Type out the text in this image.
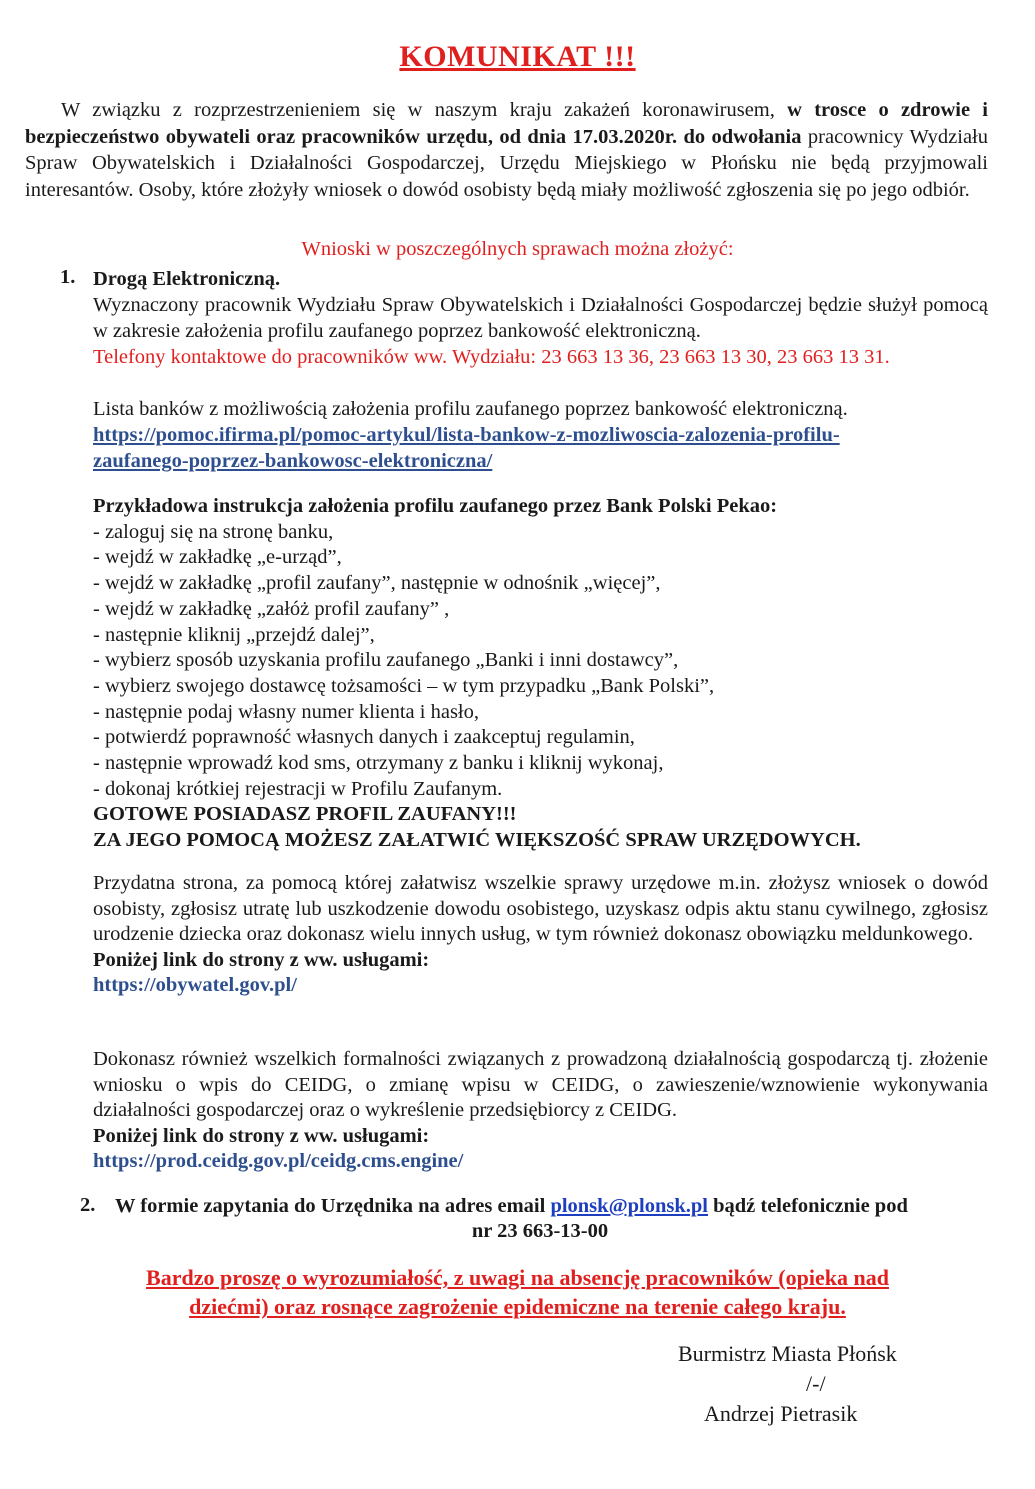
KOMUNIKAT !!!
W związku z rozprzestrzenieniem się w naszym kraju zakażeń koronawirusem, w trosce o zdrowie i bezpieczeństwo obywateli oraz pracowników urzędu, od dnia 17.03.2020r. do odwołania pracownicy Wydziału Spraw Obywatelskich i Działalności Gospodarczej, Urzędu Miejskiego w Płońsku nie będą przyjmowali interesantów. Osoby, które złożyły wniosek o dowód osobisty będą miały możliwość zgłoszenia się po jego odbiór.
Wnioski w poszczególnych sprawach można złożyć:
1. Drogą Elektroniczną.
Wyznaczony pracownik Wydziału Spraw Obywatelskich i Działalności Gospodarczej będzie służył pomocą w zakresie założenia profilu zaufanego poprzez bankowość elektroniczną.
Telefony kontaktowe do pracowników ww. Wydziału: 23 663 13 36, 23 663 13 30, 23 663 13 31.
Lista banków z możliwością założenia profilu zaufanego poprzez bankowość elektroniczną.
https://pomoc.ifirma.pl/pomoc-artykul/lista-bankow-z-mozliwoscia-zalozenia-profilu-
zaufanego-poprzez-bankowosc-elektroniczna/
Przykładowa instrukcja założenia profilu zaufanego przez Bank Polski Pekao:
- zaloguj się na stronę banku,
- wejdź w zakładkę „e-urząd”,
- wejdź w zakładkę „profil zaufany”, następnie w odnośnik „więcej”,
- wejdź w zakładkę „załóż profil zaufany” ,
- następnie kliknij „przejdź dalej”,
- wybierz sposób uzyskania profilu zaufanego „Banki i inni dostawcy”,
- wybierz swojego dostawcę tożsamości – w tym przypadku „Bank Polski”,
- następnie podaj własny numer klienta i hasło,
- potwierdź poprawność własnych danych i zaakceptuj regulamin,
- następnie wprowadź kod sms, otrzymany z banku i kliknij wykonaj,
- dokonaj krótkiej rejestracji w Profilu Zaufanym.
GOTOWE POSIADASZ PROFIL ZAUFANY!!!
ZA JEGO POMOCĄ MOŻESZ ZAŁATWIĆ WIĘKSZOŚĆ SPRAW URZĘDOWYCH.
Przydatna strona, za pomocą której załatwisz wszelkie sprawy urzędowe m.in. złożysz wniosek o dowód osobisty, zgłosisz utratę lub uszkodzenie dowodu osobistego, uzyskasz odpis aktu stanu cywilnego, zgłosisz urodzenie dziecka oraz dokonasz wielu innych usług, w tym również dokonasz obowiązku meldunkowego.
Poniżej link do strony z ww. usługami:
https://obywatel.gov.pl/
Dokonasz również wszelkich formalności związanych z prowadzoną działalnością gospodarczą tj. złożenie wniosku o wpis do CEIDG, o zmianę wpisu w CEIDG, o zawieszenie/wznowienie wykonywania działalności gospodarczej oraz o wykreślenie przedsiębiorcy z CEIDG.
Poniżej link do strony z ww. usługami:
https://prod.ceidg.gov.pl/ceidg.cms.engine/
2. W formie zapytania do Urzędnika na adres email plonsk@plonsk.pl bądź telefonicznie pod
nr 23 663-13-00
Bardzo proszę o wyrozumiałość, z uwagi na absencję pracowników (opieka nad
dziećmi) oraz rosnące zagrożenie epidemiczne na terenie całego kraju.
Burmistrz Miasta Płońsk
/-/
Andrzej Pietrasik
